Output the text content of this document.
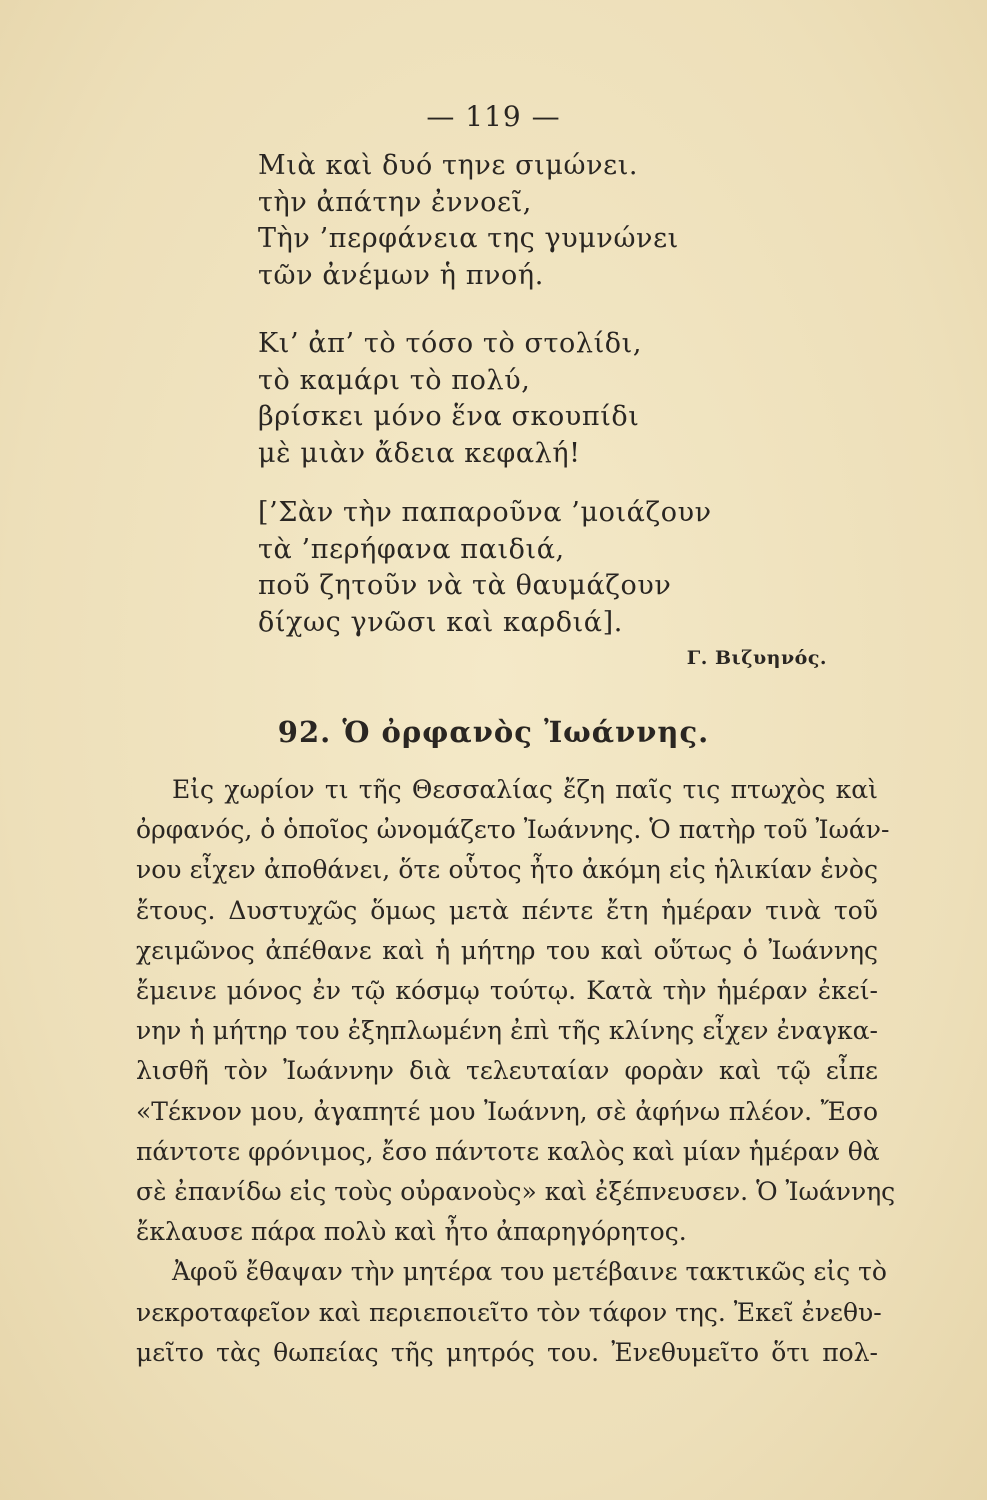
— 119 —
Μιὰ καὶ δυό τηνε σιμώνει.
τὴν ἀπάτην ἐννοεῖ,
Τὴν ’περφάνεια της γυμνώνει
τῶν ἀνέμων ἡ πνοή.
Κι’ ἀπ’ τὸ τόσο τὸ στολίδι,
τὸ καμάρι τὸ πολύ,
βρίσκει μόνο ἕνα σκουπίδι
μὲ μιὰν ἄδεια κεφαλή!
[’Σὰν τὴν παπαροῦνα ’μοιάζουν
τὰ ’περήφανα παιδιά,
ποῦ ζητοῦν νὰ τὰ θαυμάζουν
δίχως γνῶσι καὶ καρδιά].
Γ. Βιζυηνός.
92. Ὁ ὀρφανὸς Ἰωάννης.
Εἰς χωρίον τι τῆς Θεσσαλίας ἔζη παῖς τις πτωχὸς καὶ
ὀρφανός, ὁ ὁποῖος ὠνομάζετο Ἰωάννης. Ὁ πατὴρ τοῦ Ἰωάν-
νου εἶχεν ἀποθάνει, ὅτε οὗτος ἦτο ἀκόμη εἰς ἡλικίαν ἑνὸς
ἔτους. Δυστυχῶς ὅμως μετὰ πέντε ἔτη ἡμέραν τινὰ τοῦ
χειμῶνος ἀπέθανε καὶ ἡ μήτηρ του καὶ οὕτως ὁ Ἰωάννης
ἔμεινε μόνος ἐν τῷ κόσμῳ τούτῳ. Κατὰ τὴν ἡμέραν ἐκεί-
νην ἡ μήτηρ του ἐξηπλωμένη ἐπὶ τῆς κλίνης εἶχεν ἐναγκα-
λισθῆ τὸν Ἰωάννην διὰ τελευταίαν φορὰν καὶ τῷ εἶπε
«Τέκνον μου, ἀγαπητέ μου Ἰωάννη, σὲ ἀφήνω πλέον. Ἔσο
πάντοτε φρόνιμος, ἔσο πάντοτε καλὸς καὶ μίαν ἡμέραν θὰ
σὲ ἐπανίδω εἰς τοὺς οὐρανοὺς» καὶ ἐξέπνευσεν. Ὁ Ἰωάννης
ἔκλαυσε πάρα πολὺ καὶ ἦτο ἀπαρηγόρητος.
Ἀφοῦ ἔθαψαν τὴν μητέρα του μετέβαινε τακτικῶς εἰς τὸ
νεκροταφεῖον καὶ περιεποιεῖτο τὸν τάφον της. Ἐκεῖ ἐνεθυ-
μεῖτο τὰς θωπείας τῆς μητρός του. Ἐνεθυμεῖτο ὅτι πολ-
